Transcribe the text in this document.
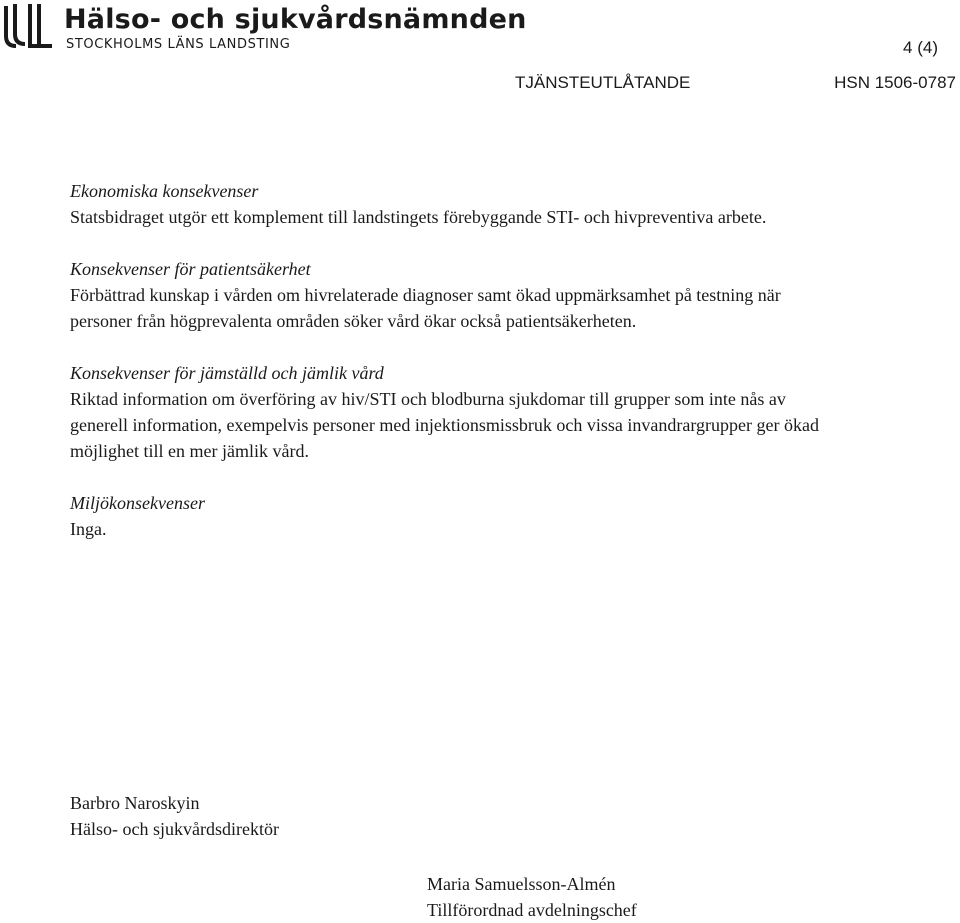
Hälso- och sjukvårdsnämnden
STOCKHOLMS LÄNS LANDSTING	4 (4)
TJÄNSTEUTLÅTANDE	HSN 1506-0787
Ekonomiska konsekvenser
Statsbidraget utgör ett komplement till landstingets förebyggande STI- och hivpreventiva arbete.
Konsekvenser för patientsäkerhet
Förbättrad kunskap i vården om hivrelaterade diagnoser samt ökad uppmärksamhet på testning när personer från högprevalenta områden söker vård ökar också patientsäkerheten.
Konsekvenser för jämställd och jämlik vård
Riktad information om överföring av hiv/STI och blodburna sjukdomar till grupper som inte nås av generell information, exempelvis personer med injektionsmissbruk och vissa invandrargrupper ger ökad möjlighet till en mer jämlik vård.
Miljökonsekvenser
Inga.
Barbro Naroskyin
Hälso- och sjukvårdsdirektör
Maria Samuelsson-Almén
Tillförordnad avdelningschef
